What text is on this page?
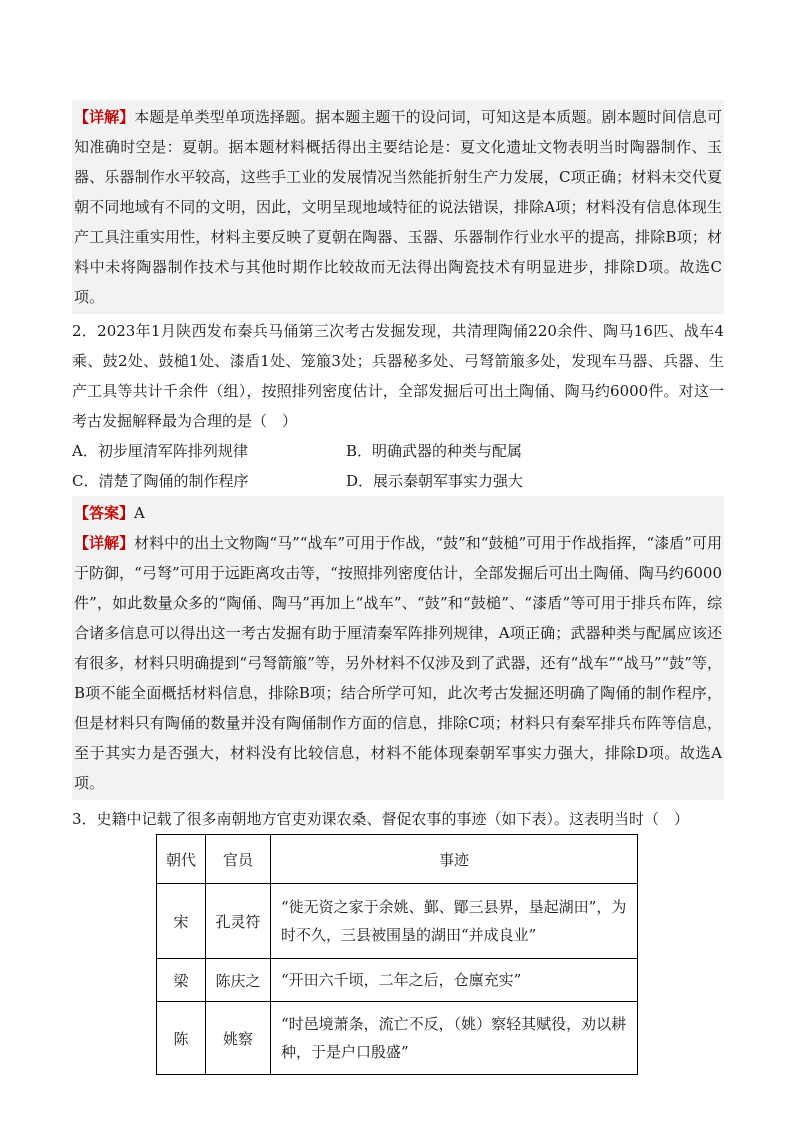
【详解】本题是单类型单项选择题。据本题主题干的设问词，可知这是本质题。剧本题时间信息可知准确时空是：夏朝。据本题材料概括得出主要结论是：夏文化遗址文物表明当时陶器制作、玉器、乐器制作水平较高，这些手工业的发展情况当然能折射生产力发展，C项正确；材料未交代夏朝不同地域有不同的文明，因此，文明呈现地域特征的说法错误，排除A项；材料没有信息体现生产工具注重实用性，材料主要反映了夏朝在陶器、玉器、乐器制作行业水平的提高，排除B项；材料中未将陶器制作技术与其他时期作比较故而无法得出陶瓷技术有明显进步，排除D项。故选C项。
2．2023年1月陕西发布秦兵马俑第三次考古发掘发现，共清理陶俑220余件、陶马16匹、战车4乘、鼓2处、鼓槌1处、漆盾1处、笼箙3处；兵器秘多处、弓弩箭箙多处，发现车马器、兵器、生产工具等共计千余件（组），按照排列密度估计，全部发掘后可出土陶俑、陶马约6000件。对这一考古发掘解释最为合理的是（　）
A．初步厘清军阵排列规律	B．明确武器的种类与配属
C．清楚了陶俑的制作程序	D．展示秦朝军事实力强大
【答案】A
【详解】材料中的出土文物陶“马”“战车”可用于作战，“鼓”和“鼓槌”可用于作战指挥，“漆盾”可用于防御，“弓弩”可用于远距离攻击等，“按照排列密度估计，全部发掘后可出土陶俑、陶马约6000件”，如此数量众多的“陶俑、陶马”再加上“战车”、“鼓”和“鼓槌”、“漆盾”等可用于排兵布阵，综合诸多信息可以得出这一考古发掘有助于厘清秦军阵排列规律，A项正确；武器种类与配属应该还有很多，材料只明确提到“弓弩箭箙”等，另外材料不仅涉及到了武器，还有“战车”“战马”“鼓”等，B项不能全面概括材料信息，排除B项；结合所学可知，此次考古发掘还明确了陶俑的制作程序，但是材料只有陶俑的数量并没有陶俑制作方面的信息，排除C项；材料只有秦军排兵布阵等信息，至于其实力是否强大，材料没有比较信息，材料不能体现秦朝军事实力强大，排除D项。故选A项。
3．史籍中记载了很多南朝地方官吏劝课农桑、督促农事的事迹（如下表）。这表明当时（　）
朝代	官员	事迹
宋	孔灵符	“徙无资之家于余姚、鄞、鄮三县界，垦起湖田”，为时不久，三县被围垦的湖田“并成良业”
梁	陈庆之	“开田六千顷，二年之后，仓廪充实”
陈	姚察	“时邑境萧条，流亡不反，（姚）察轻其赋役，劝以耕种，于是户口殷盛”
